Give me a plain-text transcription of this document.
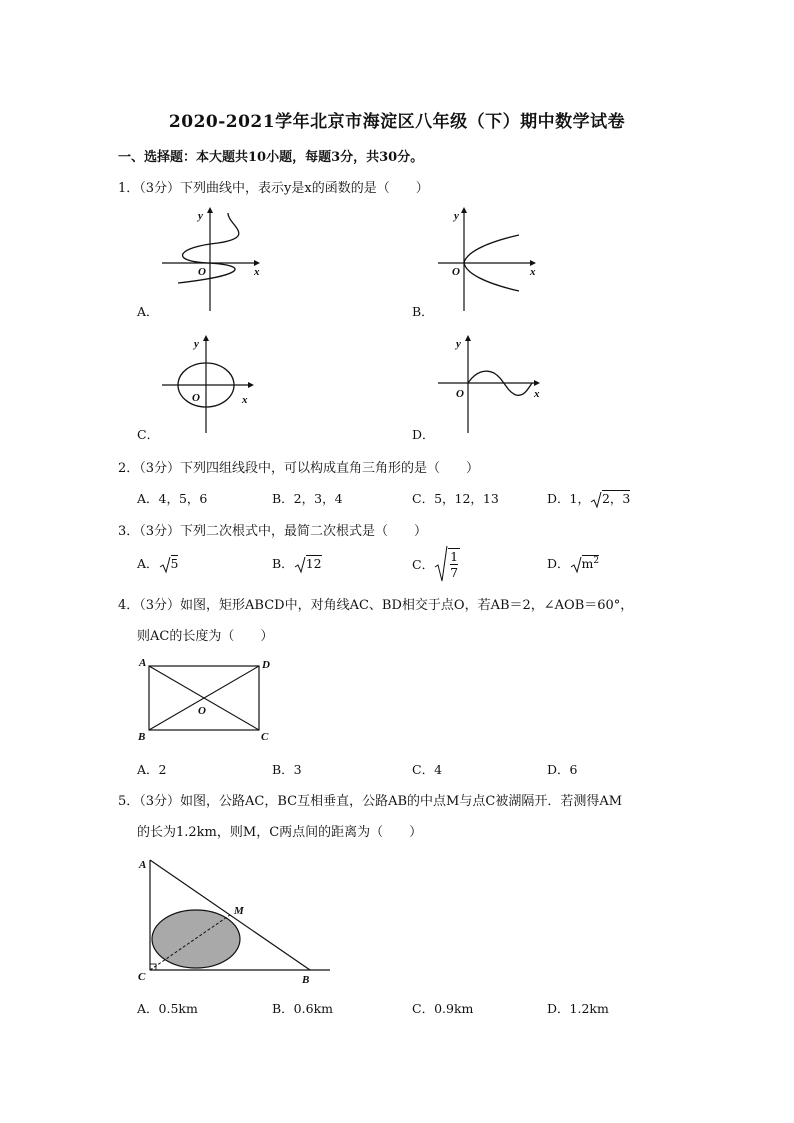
2020-2021学年北京市海淀区八年级（下）期中数学试卷
一、选择题：本大题共10小题，每题3分，共30分。
1．（3分）下列曲线中，表示y是x的函数的是（　　）
y
x
O
A．
y
x
O
B．
y
x
O
C．
y
x
O
D．
2．（3分）下列四组线段中，可以构成直角三角形的是（　　）
A．4，5，6	B．2，3，4	C．5，12，13	D．1， 2，3
3．（3分）下列二次根式中，最简二次根式是（　　）
A． 5	B． 12	C． $\frac{1}{7}$	D． $m^2$
4．（3分）如图，矩形ABCD中，对角线AC、BD相交于点O，若AB＝2，∠AOB＝60°，
则AC的长度为（　　）
A	D
O
B	C
A．2	B．3	C．4	D．6
5．（3分）如图，公路AC，BC互相垂直，公路AB的中点M与点C被湖隔开．若测得AM
的长为1.2km，则M，C两点间的距离为（　　）
A
M
C	B
A．0.5km	B．0.6km	C．0.9km	D．1.2km
